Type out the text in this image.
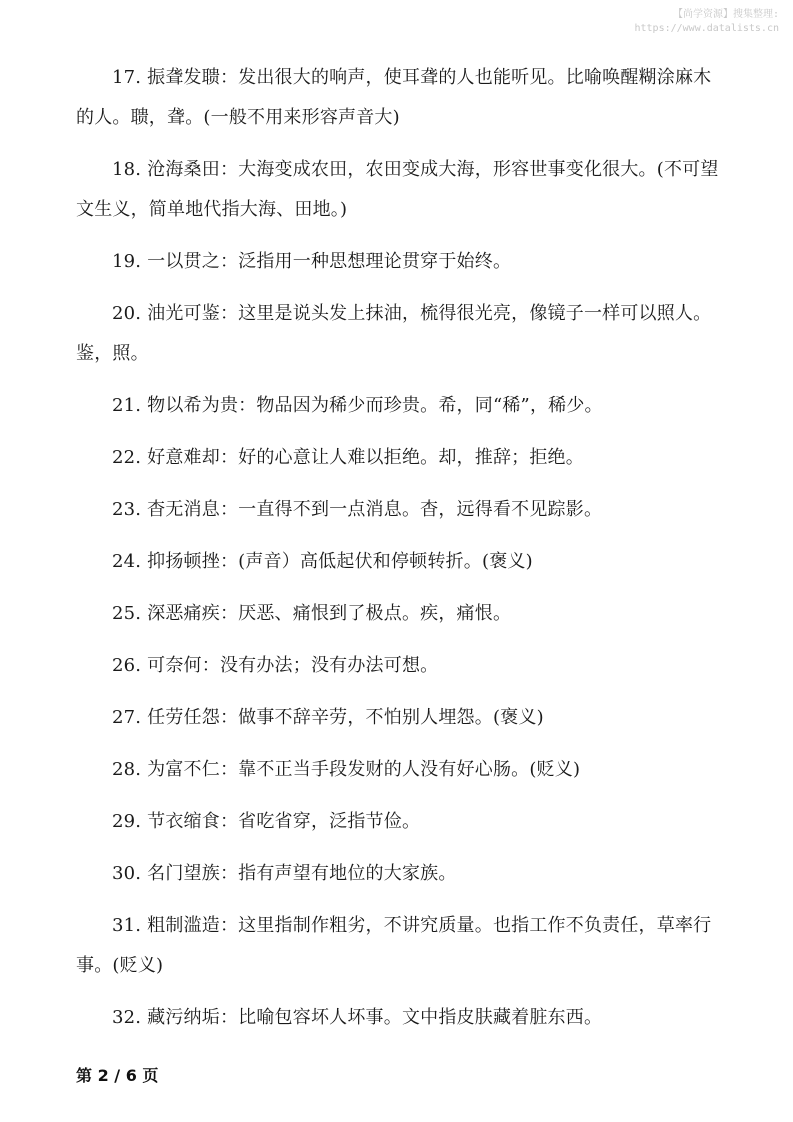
【尚学资源】搜集整理:
https://www.datalists.cn

17. 振聋发聩：发出很大的响声，使耳聋的人也能听见。比喻唤醒糊涂麻木的人。聩，聋。(一般不用来形容声音大)

18. 沧海桑田：大海变成农田，农田变成大海，形容世事变化很大。(不可望文生义，简单地代指大海、田地。)

19. 一以贯之：泛指用一种思想理论贯穿于始终。

20. 油光可鉴：这里是说头发上抹油，梳得很光亮，像镜子一样可以照人。鉴，照。

21. 物以希为贵：物品因为稀少而珍贵。希，同“稀”，稀少。

22. 好意难却：好的心意让人难以拒绝。却，推辞；拒绝。

23. 杳无消息：一直得不到一点消息。杳，远得看不见踪影。

24. 抑扬顿挫：(声音）高低起伏和停顿转折。(褒义)

25. 深恶痛疾：厌恶、痛恨到了极点。疾，痛恨。

26. 可奈何：没有办法；没有办法可想。

27. 任劳任怨：做事不辞辛劳，不怕别人埋怨。(褒义)

28. 为富不仁：靠不正当手段发财的人没有好心肠。(贬义)

29. 节衣缩食：省吃省穿，泛指节俭。

30. 名门望族：指有声望有地位的大家族。

31. 粗制滥造：这里指制作粗劣，不讲究质量。也指工作不负责任，草率行事。(贬义)

32. 藏污纳垢：比喻包容坏人坏事。文中指皮肤藏着脏东西。

第 2 / 6 页
